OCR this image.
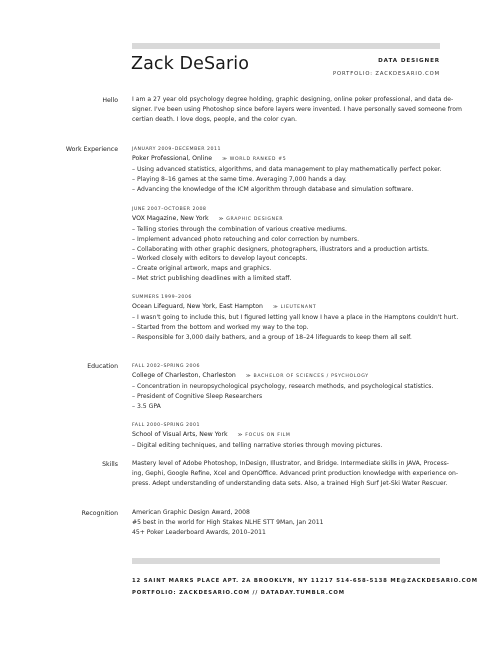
Zack DeSario	DATA DESIGNER
PORTFOLIO: ZACKDESARIO.COM
Hello I am a 27 year old psychology degree holding, graphic designing, online poker professional, and data de-

signer. I've been using Photoshop since before layers were invented. I have personally saved someone from

certian death. I love dogs, people, and the color cyan.

Work Experience	JANUARY 2009–DECEMBER 2011
Poker Professional, Online ≫ WORLD RANKED #5

– Using advanced statistics, algorithms, and data management to play mathematically perfect poker.

– Playing 8–16 games at the same time. Averaging 7,000 hands a day.

– Advancing the knowledge of the ICM algorithm through database and simulation software.

JUNE 2007–OCTOBER 2008
VOX Magazine, New York ≫ GRAPHIC DESIGNER

– Telling stories through the combination of various creative mediums.

– Implement advanced photo retouching and color correction by numbers.

– Collaborating with other graphic designers, photographers, illustrators and a production artists.

– Worked closely with editors to develop layout concepts.

– Create original artwork, maps and graphics.

– Met strict publishing deadlines with a limited staff.

SUMMERS 1999–2006
Ocean Lifeguard, New York, East Hampton ≫ LIEUTENANT

– I wasn't going to include this, but I figured letting yall know I have a place in the Hamptons couldn't hurt.

– Started from the bottom and worked my way to the top.

– Responsible for 3,000 daily bathers, and a group of 18–24 lifeguards to keep them all self.

Education	FALL 2002–SPRING 2006
College of Charleston, Charleston ≫ BACHELOR OF SCIENCES / PSYCHOLOGY

– Concentration in neuropsychological psychology, research methods, and psychological statistics.

– President of Cognitive Sleep Researchers

– 3.5 GPA

FALL 2000–SPRING 2001
School of Visual Arts, New York ≫ FOCUS ON FILM

– Digital editing techniques, and telling narrative stories through moving pictures.

Skills Mastery level of Adobe Photoshop, InDesign, Illustrator, and Bridge. Intermediate skills in JAVA, Process-

ing, Gephi, Google Refine, Xcel and OpenOffice. Advanced print production knowledge with experience on-

press. Adept understanding of understanding data sets. Also, a trained High Surf Jet-Ski Water Rescuer.

Recognition American Graphic Design Award, 2008

#5 best in the world for High Stakes NLHE STT 9Man, Jan 2011

45+ Poker Leaderboard Awards, 2010–2011

12 SAINT MARKS PLACE APT. 2A BROOKLYN, NY 11217 514-658-5138 ME@ZACKDESARIO.COM
PORTFOLIO: ZACKDESARIO.COM // DATADAY.TUMBLR.COM
